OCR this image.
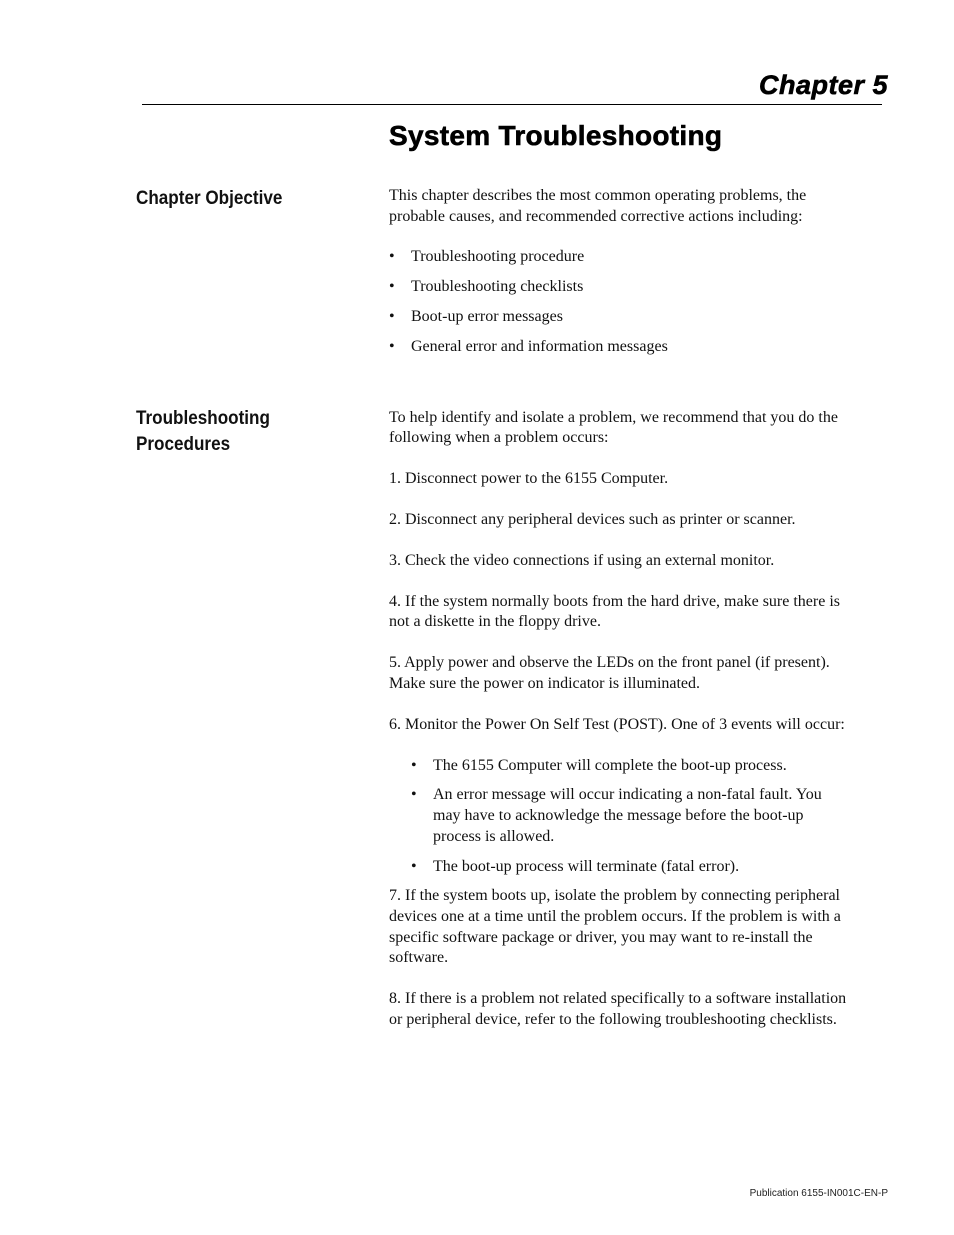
Chapter 5
System Troubleshooting
Chapter Objective	This chapter describes the most common operating problems, the

probable causes, and recommended corrective actions including:

• Troubleshooting procedure
• Troubleshooting checklists
• Boot-up error messages
• General error and information messages
Troubleshooting
Procedures

To help identify and isolate a problem, we recommend that you do the

following when a problem occurs:

1. Disconnect power to the 6155 Computer.

2. Disconnect any peripheral devices such as printer or scanner.

3. Check the video connections if using an external monitor.

4. If the system normally boots from the hard drive, make sure there is

not a diskette in the floppy drive.

5. Apply power and observe the LEDs on the front panel (if present).

Make sure the power on indicator is illuminated.

6. Monitor the Power On Self Test (POST). One of 3 events will occur:

• The 6155 Computer will complete the boot-up process.
• An error message will occur indicating a non-fatal fault. You
may have to acknowledge the message before the boot-up
process is allowed.
• The boot-up process will terminate (fatal error).

7. If the system boots up, isolate the problem by connecting peripheral

devices one at a time until the problem occurs. If the problem is with a

specific software package or driver, you may want to re-install the

software.

8. If there is a problem not related specifically to a software installation

or peripheral device, refer to the following troubleshooting checklists.

Publication 6155-IN001C-EN-P
